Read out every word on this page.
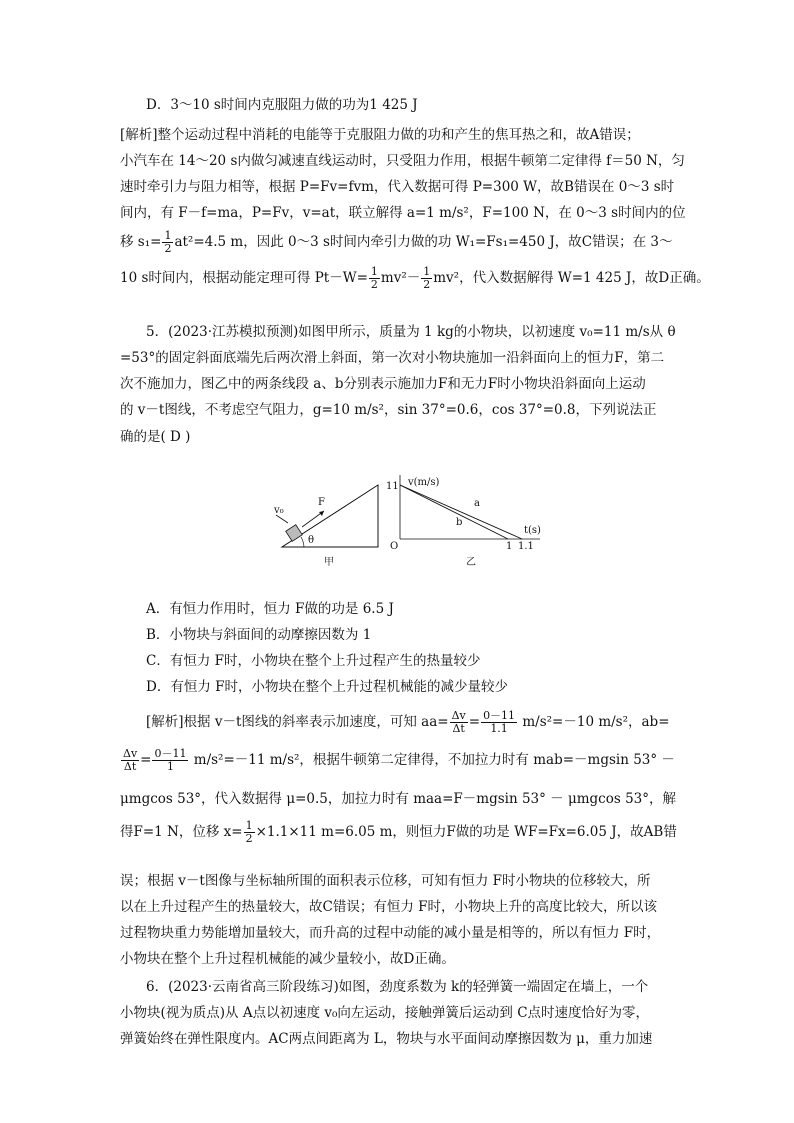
D．3～10 s时间内克服阻力做的功为1 425 J
[解析]整个运动过程中消耗的电能等于克服阻力做的功和产生的焦耳热之和，故A错误；
小汽车在 14～20 s内做匀减速直线运动时，只受阻力作用，根据牛顿第二定律得 f＝50 N，匀
速时牵引力与阻力相等，根据 P=Fv=fvm，代入数据可得 P=300 W，故B错误在 0～3 s时
间内，有 F－f=ma，P=Fv，v=at，联立解得 a=1 m/s²，F=100 N，在 0～3 s时间内的位
移 $s_1= \frac{1}{2} at^2=4.5$ m，因此 0～3 s时间内牵引力做的功 W₁=Fs₁=450 J，故C错误；在 3～
10 s时间内，根据动能定理可得 $Pt-W= \frac{1}{2} mv^2- \frac{1}{2} mv^2$，代入数据解得 W=1 425 J，故D正确。
5．(2023·江苏模拟预测)如图甲所示，质量为 1 kg的小物块，以初速度 v₀=11 m/s从 θ
=53°的固定斜面底端先后两次滑上斜面，第一次对小物块施加一沿斜面向上的恒力F，第二
次不施加力，图乙中的两条线段 a、b分别表示施加力F和无力F时小物块沿斜面向上运动
的 v－t图线，不考虑空气阻力，g=10 m/s²，sin 37°=0.6，cos 37°=0.8，下列说法正
确的是( D )
v₀
F
θ
甲
v(m/s)
t(s)
11
O
a
b
1 1.1
乙
A．有恒力作用时，恒力 F做的功是 6.5 J
B．小物块与斜面间的动摩擦因数为 1
C．有恒力 F时，小物块在整个上升过程产生的热量较少
D．有恒力 F时，小物块在整个上升过程机械能的减少量较少
[解析]根据 v－t图线的斜率表示加速度，可知 $aa= \frac{\Delta v}{\Delta t} = \frac{0-11}{1.1} m/s^2=-10$ m/s²，ab=
$\frac{\Delta v}{\Delta t} = \frac{0-11}{1} m/s^2=-11$ m/s²，根据牛顿第二定律得，不加拉力时有 mab=－mgsin 53° －
μmgcos 53°，代入数据得 μ=0.5，加拉力时有 maa=F－mgsin 53° － μmgcos 53°，解
得F=1 N，位移 $x= \frac{1}{2} \times 1.1\times 11$ m=6.05 m，则恒力F做的功是 WF=Fx=6.05 J，故AB错
误；根据 v－t图像与坐标轴所围的面积表示位移，可知有恒力 F时小物块的位移较大，所
以在上升过程产生的热量较大，故C错误；有恒力 F时，小物块上升的高度比较大，所以该
过程物块重力势能增加量较大，而升高的过程中动能的减小量是相等的，所以有恒力 F时，
小物块在整个上升过程机械能的减少量较小，故D正确。
6．(2023·云南省高三阶段练习)如图，劲度系数为 k的轻弹簧一端固定在墙上，一个
小物块(视为质点)从 A点以初速度 v₀向左运动，接触弹簧后运动到 C点时速度恰好为零，
弹簧始终在弹性限度内。AC两点间距离为 L，物块与水平面间动摩擦因数为 μ，重力加速
